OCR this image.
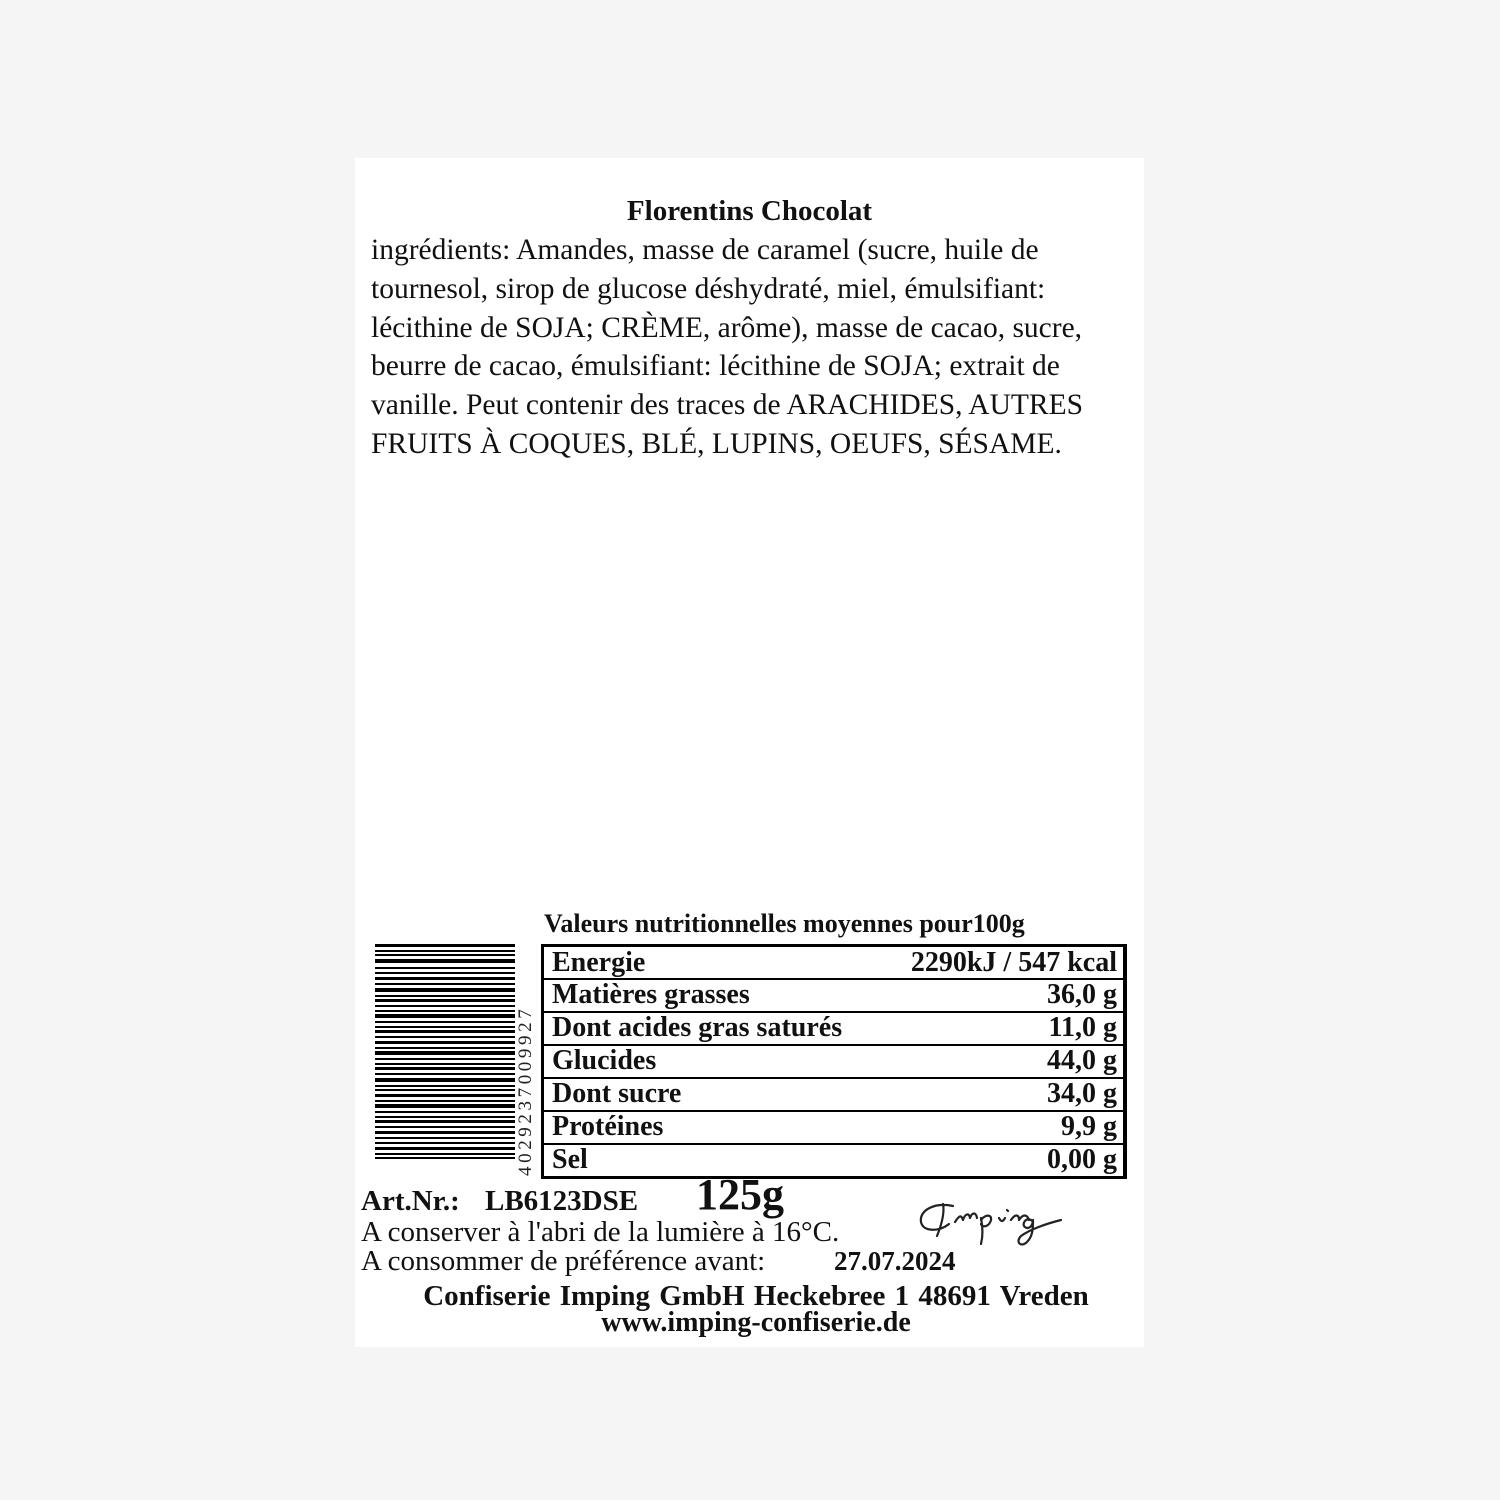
Florentins Chocolat

ingrédients: Amandes, masse de caramel (sucre, huile de tournesol, sirop de glucose déshydraté, miel, émulsifiant: lécithine de SOJA; CRÈME, arôme), masse de cacao, sucre, beurre de cacao, émulsifiant: lécithine de SOJA; extrait de vanille. Peut contenir des traces de ARACHIDES, AUTRES FRUITS À COQUES, BLÉ, LUPINS, OEUFS, SÉSAME.

Valeurs nutritionnelles moyennes pour100g
4029237009927
Energie	2290kJ / 547 kcal
Matières grasses	36,0 g
Dont acides gras saturés	11,0 g
Glucides	44,0 g
Dont sucre	34,0 g
Protéines	9,9 g
Sel	0,00 g
Art.Nr.: LB6123DSE 125g
A conserver à l'abri de la lumière à 16°C.
A consommer de préférence avant:	27.07.2024
Confiserie Imping GmbH Heckebree 1 48691 Vreden
www.imping-confiserie.de
